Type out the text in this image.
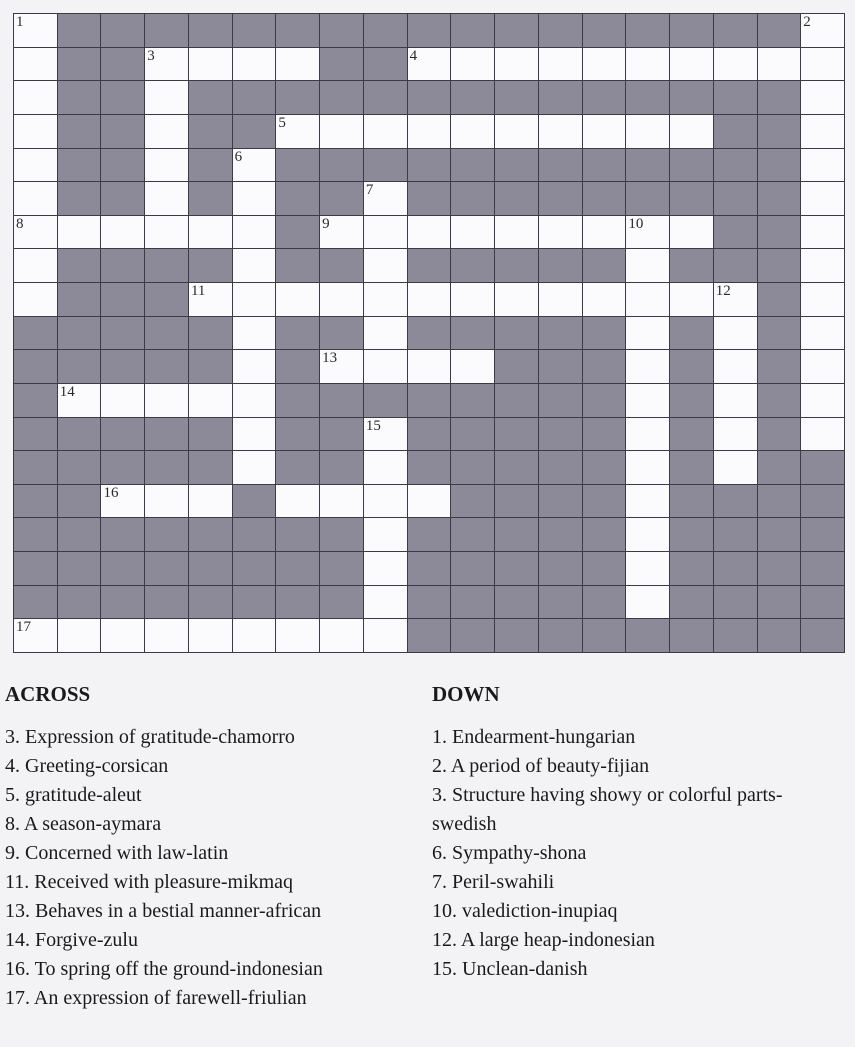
1	2
3	4
5
6
7
8	9	10
11	12
13
14
15
16
17
ACROSS
3. Expression of gratitude-chamorro
4. Greeting-corsican
5. gratitude-aleut
8. A season-aymara
9. Concerned with law-latin
11. Received with pleasure-mikmaq
13. Behaves in a bestial manner-african
14. Forgive-zulu
16. To spring off the ground-indonesian
17. An expression of farewell-friulian
DOWN
1. Endearment-hungarian
2. A period of beauty-fijian
3. Structure having showy or colorful parts-swedish
6. Sympathy-shona
7. Peril-swahili
10. valediction-inupiaq
12. A large heap-indonesian
15. Unclean-danish
